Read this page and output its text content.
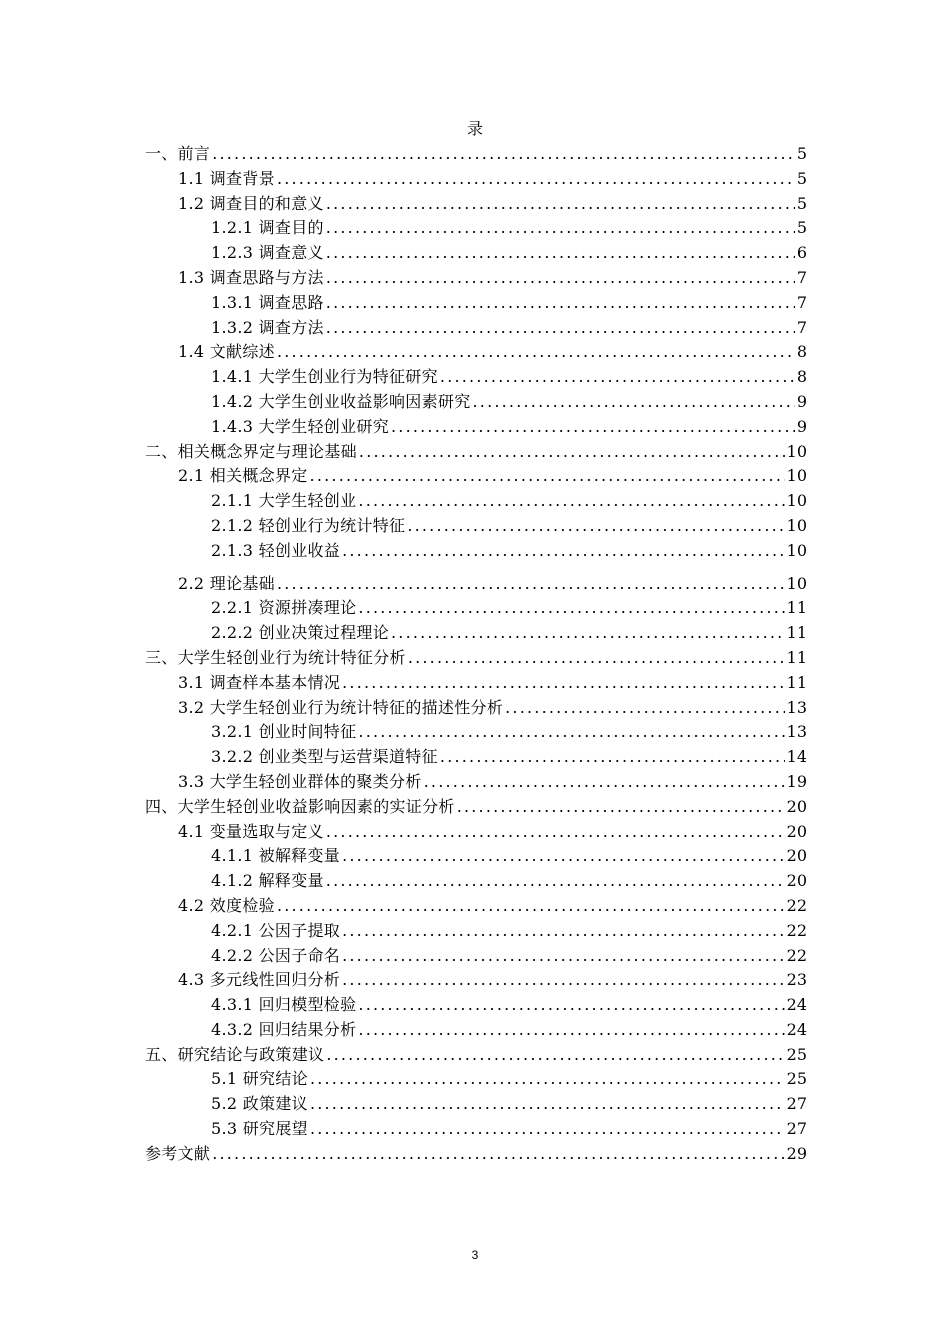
录
一、前言 .....	5
1.1 调查背景 .....	5
1.2 调查目的和意义 .....	5
1.2.1 调查目的 .....	5
1.2.3 调查意义 .....	6
1.3 调查思路与方法 .....	7
1.3.1 调查思路 .....	7
1.3.2 调查方法 .....	7
1.4 文献综述 .....	8
1.4.1 大学生创业行为特征研究 .....	8
1.4.2 大学生创业收益影响因素研究 .....	9
1.4.3 大学生轻创业研究 .....	9
二、相关概念界定与理论基础 .....	10
2.1 相关概念界定 .....	10
2.1.1 大学生轻创业 .....	10
2.1.2 轻创业行为统计特征 .....	10
2.1.3 轻创业收益 .....	10
2.2 理论基础 .....	10
2.2.1 资源拼凑理论 .....	11
2.2.2 创业决策过程理论 .....	11
三、大学生轻创业行为统计特征分析 .....	11
3.1 调查样本基本情况 .....	11
3.2 大学生轻创业行为统计特征的描述性分析 .....	13
3.2.1 创业时间特征 .....	13
3.2.2 创业类型与运营渠道特征 .....	14
3.3 大学生轻创业群体的聚类分析 .....	19
四、大学生轻创业收益影响因素的实证分析 .....	20
4.1 变量选取与定义 .....	20
4.1.1 被解释变量 .....	20
4.1.2 解释变量 .....	20
4.2 效度检验 .....	22
4.2.1 公因子提取 .....	22
4.2.2 公因子命名 .....	22
4.3 多元线性回归分析 .....	23
4.3.1 回归模型检验 .....	24
4.3.2 回归结果分析 .....	24
五、研究结论与政策建议 .....	25
5.1 研究结论 .....	25
5.2 政策建议 .....	27
5.3 研究展望 .....	27
参考文献 .....	29
3
